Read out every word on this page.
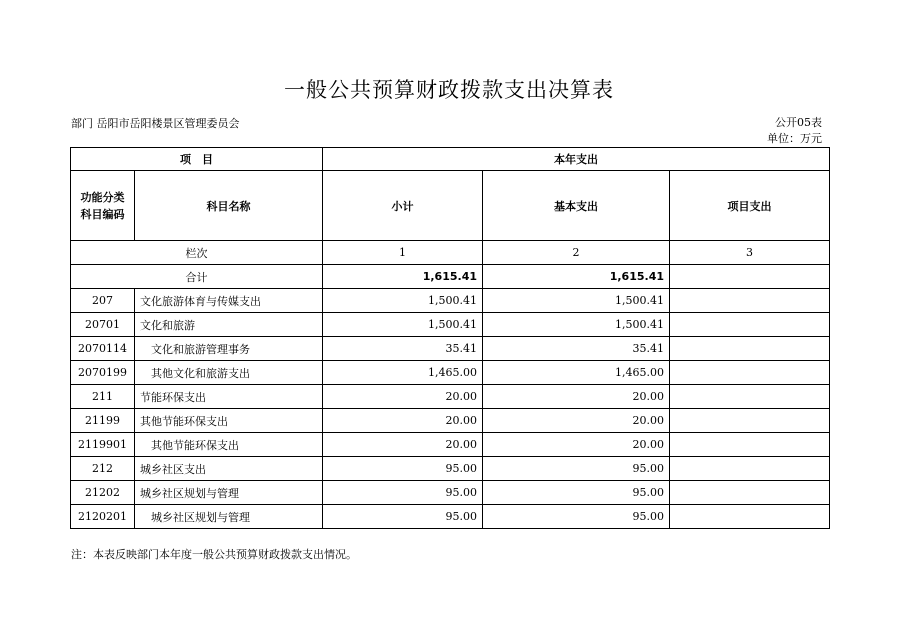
一般公共预算财政拨款支出决算表
部门 岳阳市岳阳楼景区管理委员会	公开05表
单位：万元
项　目		本年支出		

功能分类
科目编码	科目名称	小计	基本支出	项目支出
栏次		1	2	3
合计		1,615.41	1,615.41	
207	文化旅游体育与传媒支出	1,500.41	1,500.41	
20701	文化和旅游	1,500.41	1,500.41	
2070114	文化和旅游管理事务	35.41	35.41	
2070199	其他文化和旅游支出	1,465.00	1,465.00	
211	节能环保支出	20.00	20.00	
21199	其他节能环保支出	20.00	20.00	
2119901	其他节能环保支出	20.00	20.00	
212	城乡社区支出	95.00	95.00	
21202	城乡社区规划与管理	95.00	95.00	
2120201	城乡社区规划与管理	95.00	95.00	
注：本表反映部门本年度一般公共预算财政拨款支出情况。
